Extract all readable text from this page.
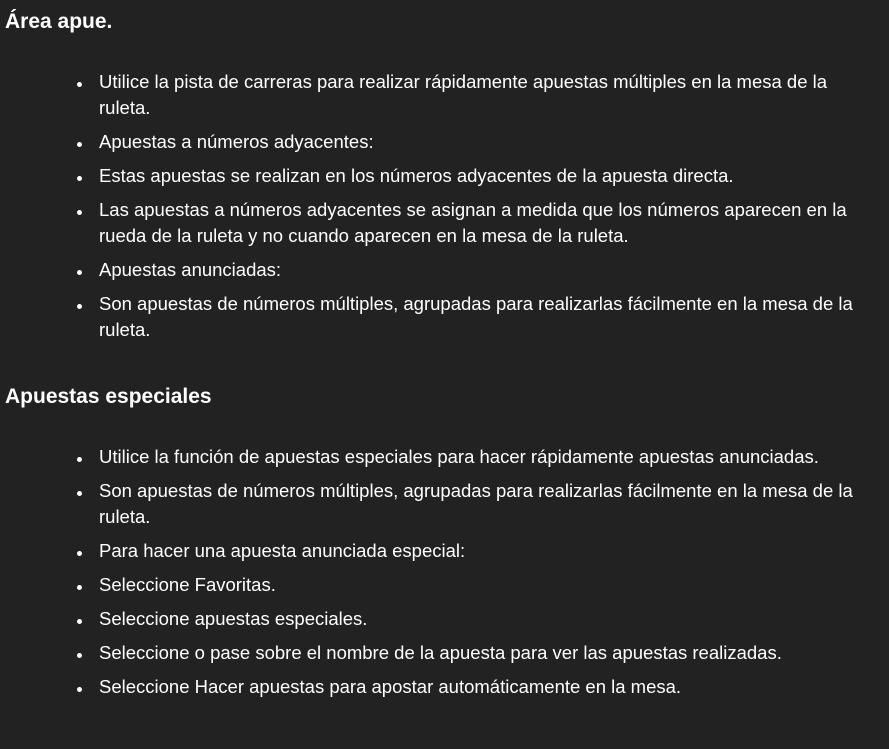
Área apue.
Utilice la pista de carreras para realizar rápidamente apuestas múltiples en la mesa de la ruleta.
Apuestas a números adyacentes:
Estas apuestas se realizan en los números adyacentes de la apuesta directa.
Las apuestas a números adyacentes se asignan a medida que los números aparecen en la rueda de la ruleta y no cuando aparecen en la mesa de la ruleta.
Apuestas anunciadas:
Son apuestas de números múltiples, agrupadas para realizarlas fácilmente en la mesa de la ruleta.
Apuestas especiales
Utilice la función de apuestas especiales para hacer rápidamente apuestas anunciadas.
Son apuestas de números múltiples, agrupadas para realizarlas fácilmente en la mesa de la ruleta.
Para hacer una apuesta anunciada especial:
Seleccione Favoritas.
Seleccione apuestas especiales.
Seleccione o pase sobre el nombre de la apuesta para ver las apuestas realizadas.
Seleccione Hacer apuestas para apostar automáticamente en la mesa.
